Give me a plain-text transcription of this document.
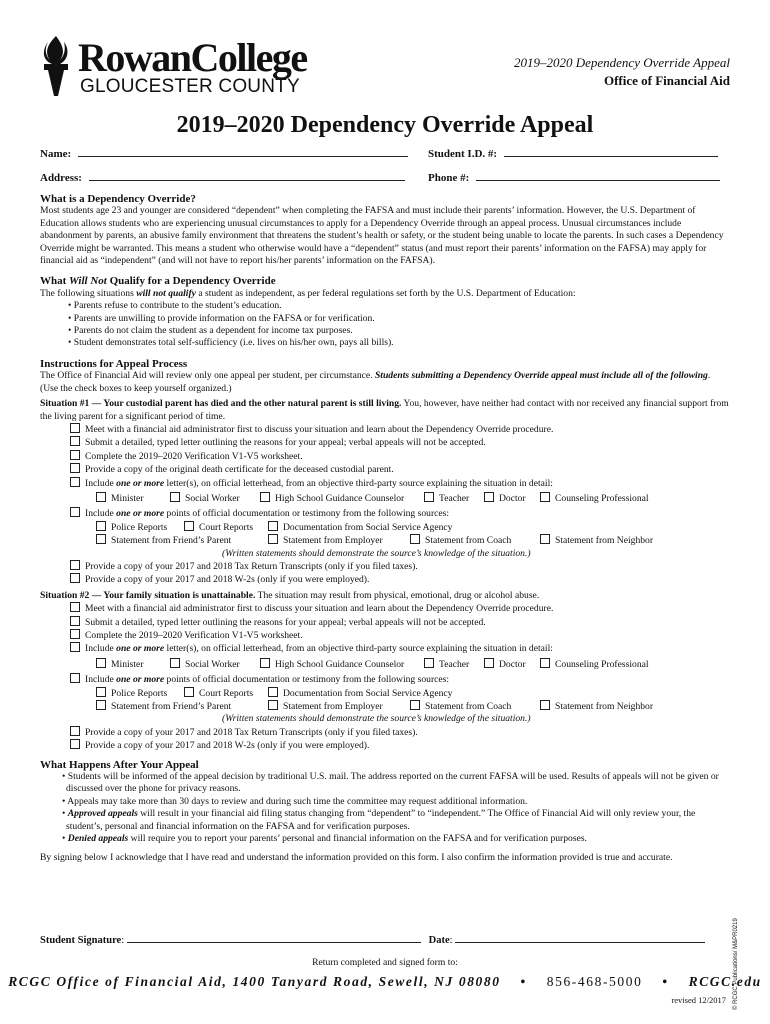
RowanCollege
GLOUCESTER COUNTY
2019–2020 Dependency Override Appeal
Office of Financial Aid
2019–2020 Dependency Override Appeal
Name:	Student I.D. #:
Address:	Phone #:
What is a Dependency Override?

Most students age 23 and younger are considered “dependent” when completing the FAFSA and must include their parents’ information. However, the U.S. Department of Education allows students who are experiencing unusual circumstances to apply for a Dependency Override through an appeal process. Unusual circumstances include abandonment by parents, an abusive family environment that threatens the student’s health or safety, or the student being unable to locate the parents. In such cases a Dependency Override might be warranted. This means a student who otherwise would have a “dependent” status (and must report their parents’ information on the FAFSA) may apply for financial aid as “independent” (and will not have to report his/her parents’ information on the FAFSA).

What Will Not Qualify for a Dependency Override

The following situations will not qualify a student as independent, as per federal regulations set forth by the U.S. Department of Education:

• Parents refuse to contribute to the student’s education.

• Parents are unwilling to provide information on the FAFSA or for verification.

• Parents do not claim the student as a dependent for income tax purposes.

• Student demonstrates total self-sufficiency (i.e. lives on his/her own, pays all bills).

Instructions for Appeal Process

The Office of Financial Aid will review only one appeal per student, per circumstance. Students submitting a Dependency Override appeal must include all of the following. (Use the check boxes to keep yourself organized.)

Situation #1 — Your custodial parent has died and the other natural parent is still living. You, however, have neither had contact with nor received any financial support from the living parent for a significant period of time.

Meet with a financial aid administrator first to discuss your situation and learn about the Dependency Override procedure.

Submit a detailed, typed letter outlining the reasons for your appeal; verbal appeals will not be accepted.

Complete the 2019–2020 Verification V1-V5 worksheet.

Provide a copy of the original death certificate for the deceased custodial parent.

Include one or more letter(s), on official letterhead, from an objective third-party source explaining the situation in detail:

Minister	Social Worker	High School Guidance Counselor	Teacher	Doctor	Counseling Professional

Include one or more points of official documentation or testimony from the following sources:

Police Reports	Court Reports	Documentation from Social Service Agency
Statement from Friend’s Parent	Statement from Employer	Statement from Coach	Statement from Neighbor

(Written statements should demonstrate the source’s knowledge of the situation.)

Provide a copy of your 2017 and 2018 Tax Return Transcripts (only if you filed taxes).

Provide a copy of your 2017 and 2018 W-2s (only if you were employed).

Situation #2 — Your family situation is unattainable. The situation may result from physical, emotional, drug or alcohol abuse.

Meet with a financial aid administrator first to discuss your situation and learn about the Dependency Override procedure.

Submit a detailed, typed letter outlining the reasons for your appeal; verbal appeals will not be accepted.

Complete the 2019–2020 Verification V1-V5 worksheet.

Include one or more letter(s), on official letterhead, from an objective third-party source explaining the situation in detail:

Minister	Social Worker	High School Guidance Counselor	Teacher	Doctor	Counseling Professional

Include one or more points of official documentation or testimony from the following sources:

Police Reports	Court Reports	Documentation from Social Service Agency
Statement from Friend’s Parent	Statement from Employer	Statement from Coach	Statement from Neighbor

(Written statements should demonstrate the source’s knowledge of the situation.)

Provide a copy of your 2017 and 2018 Tax Return Transcripts (only if you filed taxes).

Provide a copy of your 2017 and 2018 W-2s (only if you were employed).

What Happens After Your Appeal

• Students will be informed of the appeal decision by traditional U.S. mail. The address reported on the current FAFSA will be used. Results of appeals will not be given or discussed over the phone for privacy reasons.

• Appeals may take more than 30 days to review and during such time the committee may request additional information.

• Approved appeals will result in your financial aid filing status changing from “dependent” to “independent.” The Office of Financial Aid will only review your, the student’s, personal and financial information on the FAFSA and for verification purposes.

• Denied appeals will require you to report your parents’ personal and financial information on the FAFSA and for verification purposes.

By signing below I acknowledge that I have read and understand the information provided on this form. I also confirm the information provided is true and accurate.

Student Signature:	Date:
Return completed and signed form to:
RCGC Office of Financial Aid, 1400 Tanyard Road, Sewell, NJ 08080 • 856-468-5000 • RCGC.edu
revised 12/2017 © RCGC Publications/ M&PR0219
